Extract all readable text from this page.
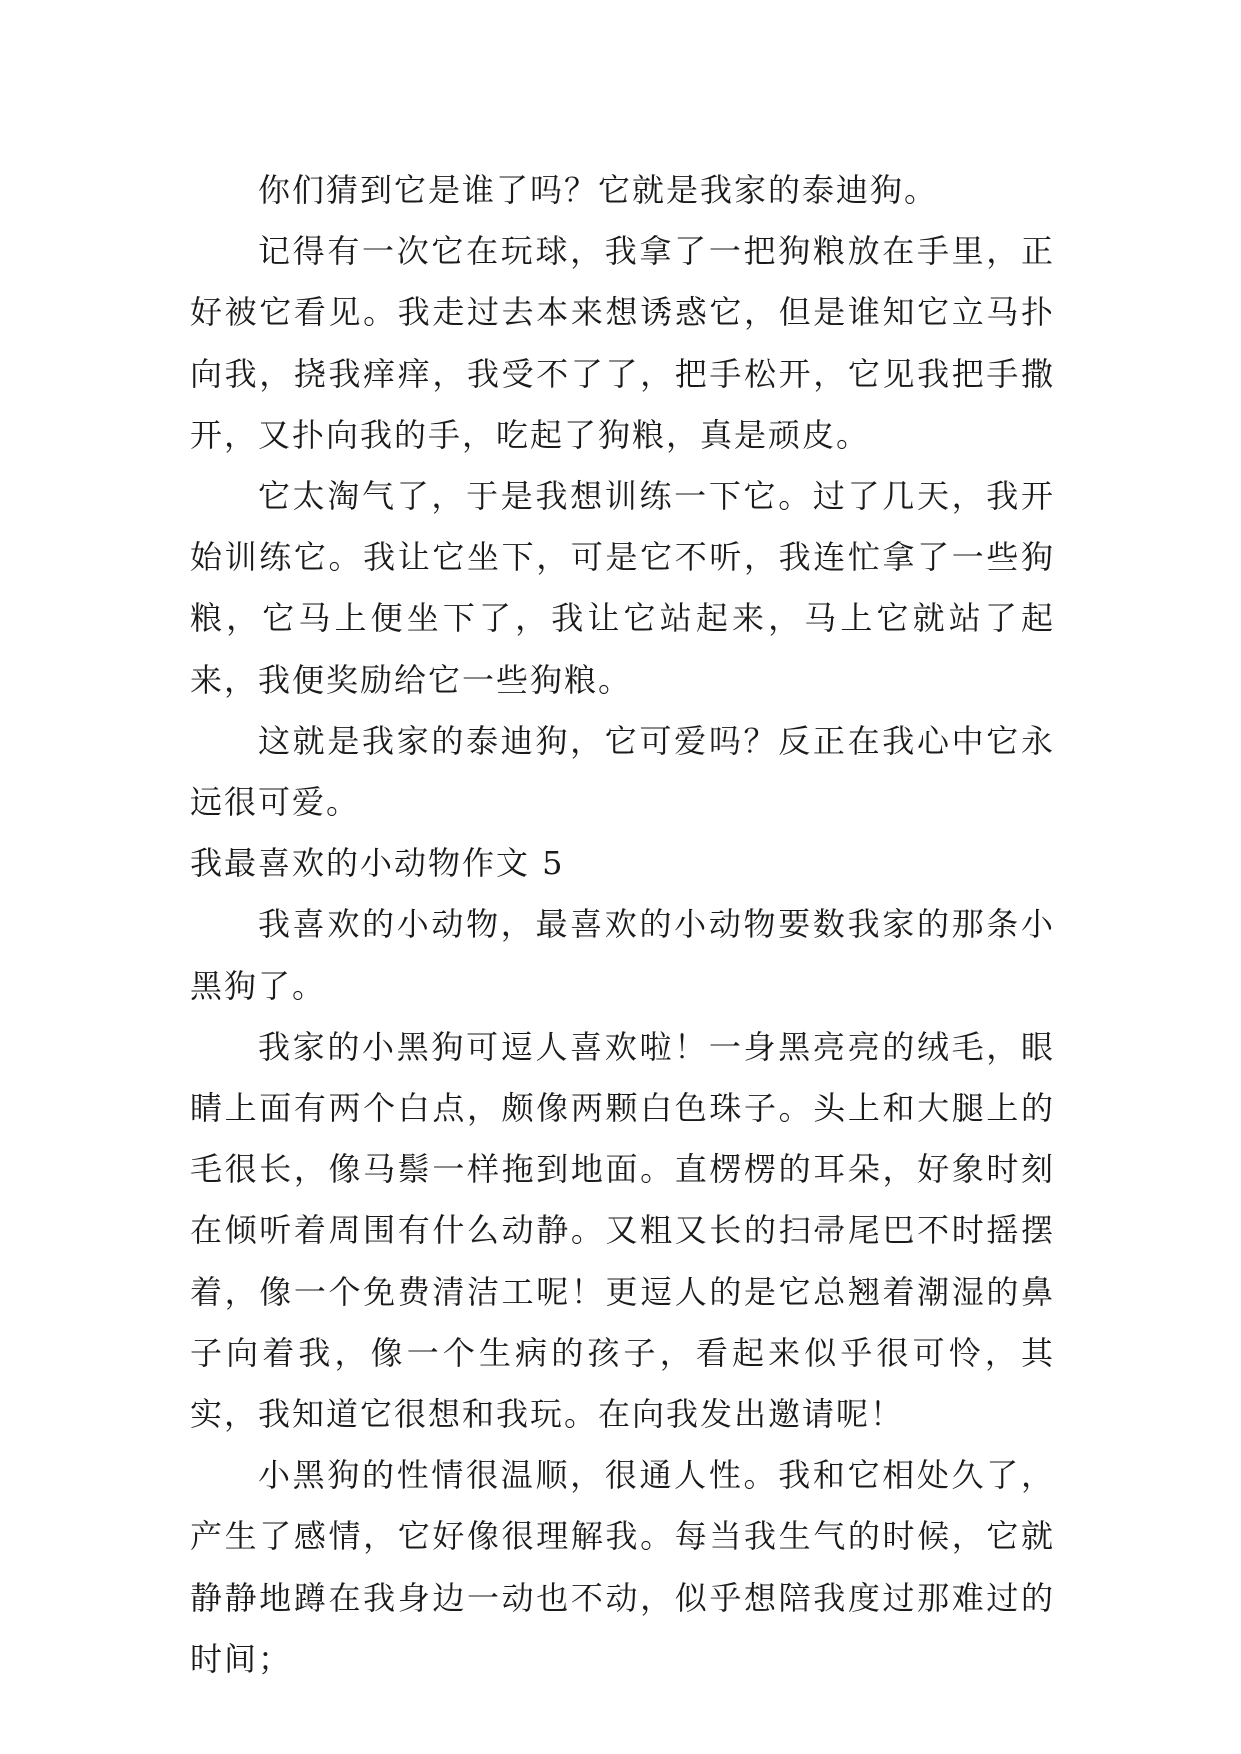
你们猜到它是谁了吗？它就是我家的泰迪狗。

记得有一次它在玩球，我拿了一把狗粮放在手里，正好被它看见。我走过去本来想诱惑它，但是谁知它立马扑向我，挠我痒痒，我受不了了，把手松开，它见我把手撒开，又扑向我的手，吃起了狗粮，真是顽皮。

它太淘气了，于是我想训练一下它。过了几天，我开始训练它。我让它坐下，可是它不听，我连忙拿了一些狗粮，它马上便坐下了，我让它站起来，马上它就站了起来，我便奖励给它一些狗粮。

这就是我家的泰迪狗，它可爱吗？反正在我心中它永远很可爱。

我最喜欢的小动物作文 5

我喜欢的小动物，最喜欢的小动物要数我家的那条小黑狗了。

我家的小黑狗可逗人喜欢啦！一身黑亮亮的绒毛，眼睛上面有两个白点，颇像两颗白色珠子。头上和大腿上的毛很长，像马鬃一样拖到地面。直楞楞的耳朵，好象时刻在倾听着周围有什么动静。又粗又长的扫帚尾巴不时摇摆着，像一个免费清洁工呢！更逗人的是它总翘着潮湿的鼻子向着我，像一个生病的孩子，看起来似乎很可怜，其实，我知道它很想和我玩。在向我发出邀请呢！

小黑狗的性情很温顺，很通人性。我和它相处久了，产生了感情，它好像很理解我。每当我生气的时候，它就静静地蹲在我身边一动也不动，似乎想陪我度过那难过的时间；
